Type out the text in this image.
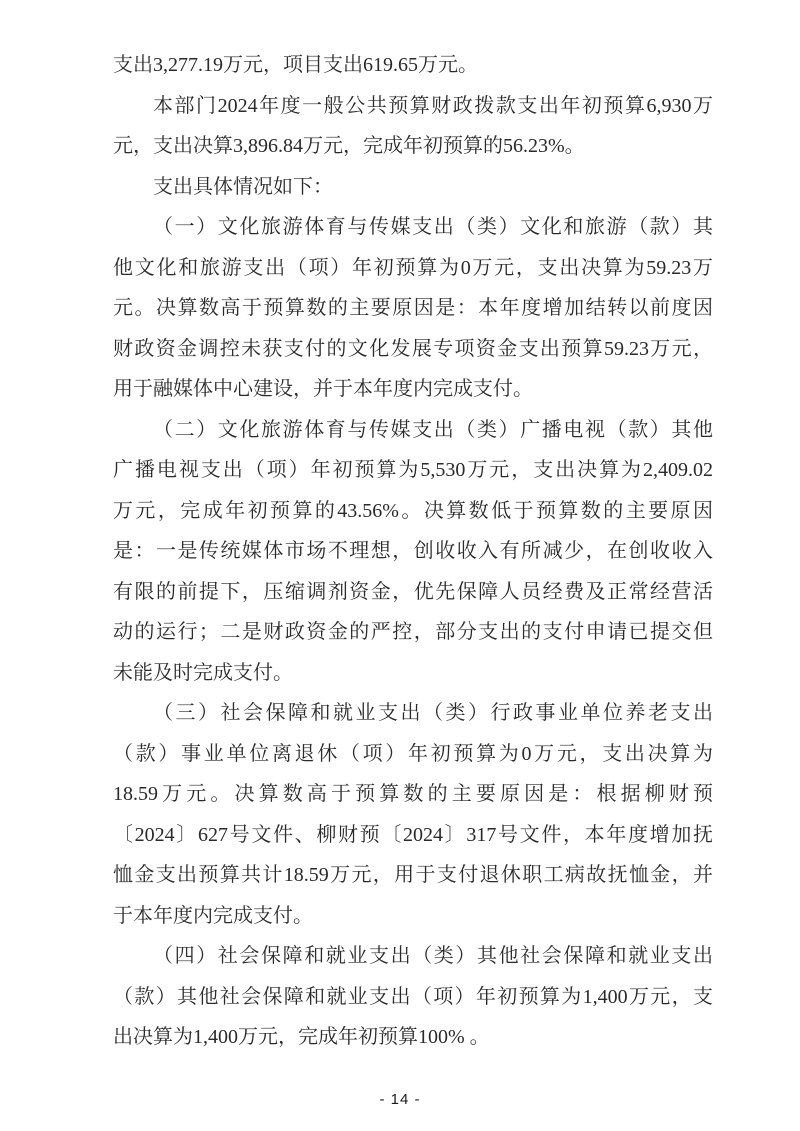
支出3,277.19万元，项目支出619.65万元。
本部门2024年度一般公共预算财政拨款支出年初预算6,930万
元，支出决算3,896.84万元，完成年初预算的56.23%。
支出具体情况如下：
（一）文化旅游体育与传媒支出（类）文化和旅游（款）其
他文化和旅游支出（项）年初预算为0万元，支出决算为59.23万
元。决算数高于预算数的主要原因是：本年度增加结转以前度因
财政资金调控未获支付的文化发展专项资金支出预算59.23万元，
用于融媒体中心建设，并于本年度内完成支付。
（二）文化旅游体育与传媒支出（类）广播电视（款）其他
广播电视支出（项）年初预算为5,530万元，支出决算为2,409.02
万元，完成年初预算的43.56%。决算数低于预算数的主要原因
是：一是传统媒体市场不理想，创收收入有所减少，在创收收入
有限的前提下，压缩调剂资金，优先保障人员经费及正常经营活
动的运行；二是财政资金的严控，部分支出的支付申请已提交但
未能及时完成支付。
（三）社会保障和就业支出（类）行政事业单位养老支出
（款）事业单位离退休（项）年初预算为0万元，支出决算为
18.59万元。决算数高于预算数的主要原因是：根据柳财预
〔2024〕627号文件、柳财预〔2024〕317号文件，本年度增加抚
恤金支出预算共计18.59万元，用于支付退休职工病故抚恤金，并
于本年度内完成支付。
（四）社会保障和就业支出（类）其他社会保障和就业支出
（款）其他社会保障和就业支出（项）年初预算为1,400万元，支
出决算为1,400万元，完成年初预算100% 。
- 14 -
